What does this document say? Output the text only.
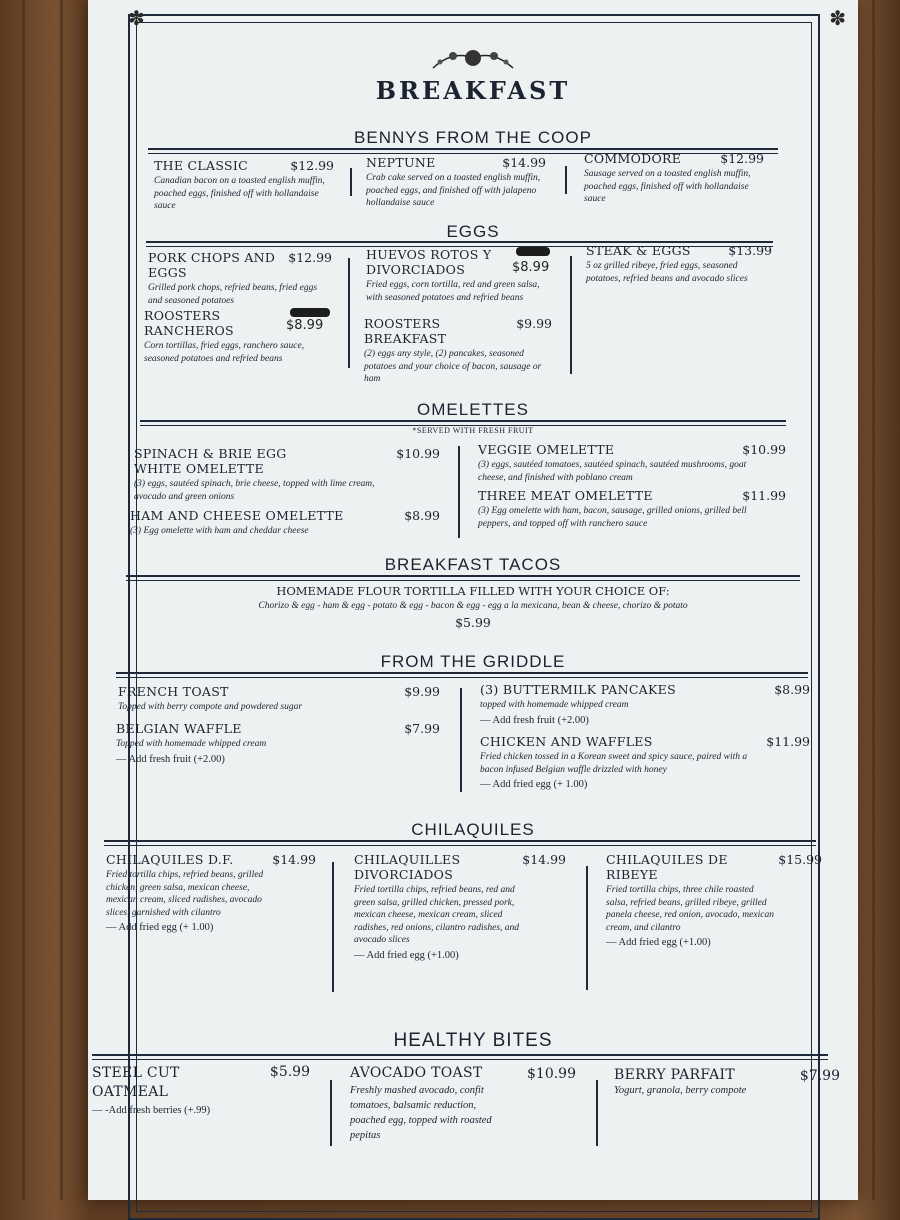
✽	✽
BREAKFAST
BENNYS FROM THE COOP
THE CLASSIC	$12.99
Canadian bacon on a toasted english muffin, poached eggs, finished off with hollandaise sauce
NEPTUNE	$14.99
Crab cake served on a toasted english muffin, poached eggs, and finished off with jalapeno hollandaise sauce
COMMODORE	$12.99
Sausage served on a toasted english muffin, poached eggs, finished off with hollandaise sauce
EGGS
PORK CHOPS AND EGGS
$12.99
Grilled pork chops, refried beans, fried eggs and seasoned potatoes
ROOSTERS RANCHEROS
Corn tortillas, fried eggs, ranchero sauce, seasoned potatoes and refried beans
$8.99
HUEVOS ROTOS Y DIVORCIADOS
Fried eggs, corn tortilla, red and green salsa, with seasoned potatoes and refried beans
$8.99
ROOSTERS BREAKFAST
$9.99
(2) eggs any style, (2) pancakes, seasoned potatoes and your choice of bacon, sausage or ham
STEAK & EGGS	$13.99
5 oz grilled ribeye, fried eggs, seasoned potatoes, refried beans and avocado slices
OMELETTES
*SERVED WITH FRESH FRUIT
SPINACH & BRIE EGG WHITE OMELETTE
$10.99
(3) eggs, sautéed spinach, brie cheese, topped with lime cream, avocado and green onions
HAM AND CHEESE OMELETTE	$8.99
(3) Egg omelette with ham and cheddar cheese
VEGGIE OMELETTE	$10.99
(3) eggs, sautéed tomatoes, sautéed spinach, sautéed mushrooms, goat cheese, and finished with poblano cream
THREE MEAT OMELETTE	$11.99
(3) Egg omelette with ham, bacon, sausage, grilled onions, grilled bell peppers, and topped off with ranchero sauce
BREAKFAST TACOS
HOMEMADE FLOUR TORTILLA FILLED WITH YOUR CHOICE OF:
Chorizo & egg - ham & egg - potato & egg - bacon & egg - egg a la mexicana, bean & cheese, chorizo & potato
$5.99
FROM THE GRIDDLE
FRENCH TOAST	$9.99
Topped with berry compote and powdered sugar
BELGIAN WAFFLE	$7.99
Topped with homemade whipped cream
— Add fresh fruit (+2.00)
(3) BUTTERMILK PANCAKES	$8.99
topped with homemade whipped cream
— Add fresh fruit (+2.00)
CHICKEN AND WAFFLES	$11.99
Fried chicken tossed in a Korean sweet and spicy sauce, paired with a bacon infused Belgian waffle drizzled with honey
— Add fried egg (+ 1.00)
CHILAQUILES
CHILAQUILES D.F.	$14.99
Fried tortilla chips, refried beans, grilled chicken, green salsa, mexican cheese, mexican cream, sliced radishes, avocado slices, garnished with cilantro
— Add fried egg (+ 1.00)
CHILAQUILLES DIVORCIADOS
$14.99
Fried tortilla chips, refried beans, red and green salsa, grilled chicken, pressed pork, mexican cheese, mexican cream, sliced radishes, red onions, cilantro radishes, and avocado slices
— Add fried egg (+1.00)
CHILAQUILES DE RIBEYE
$15.99
Fried tortilla chips, three chile roasted salsa, refried beans, grilled ribeye, grilled panela cheese, red onion, avocado, mexican cream, and cilantro
— Add fried egg (+1.00)
HEALTHY BITES
STEEL CUT OATMEAL
$5.99
— -Add fresh berries (+.99)
AVOCADO TOAST	$10.99
Freshly mashed avocado, confit tomatoes, balsamic reduction, poached egg, topped with roasted pepitas
BERRY PARFAIT	$7.99
Yogurt, granola, berry compote
